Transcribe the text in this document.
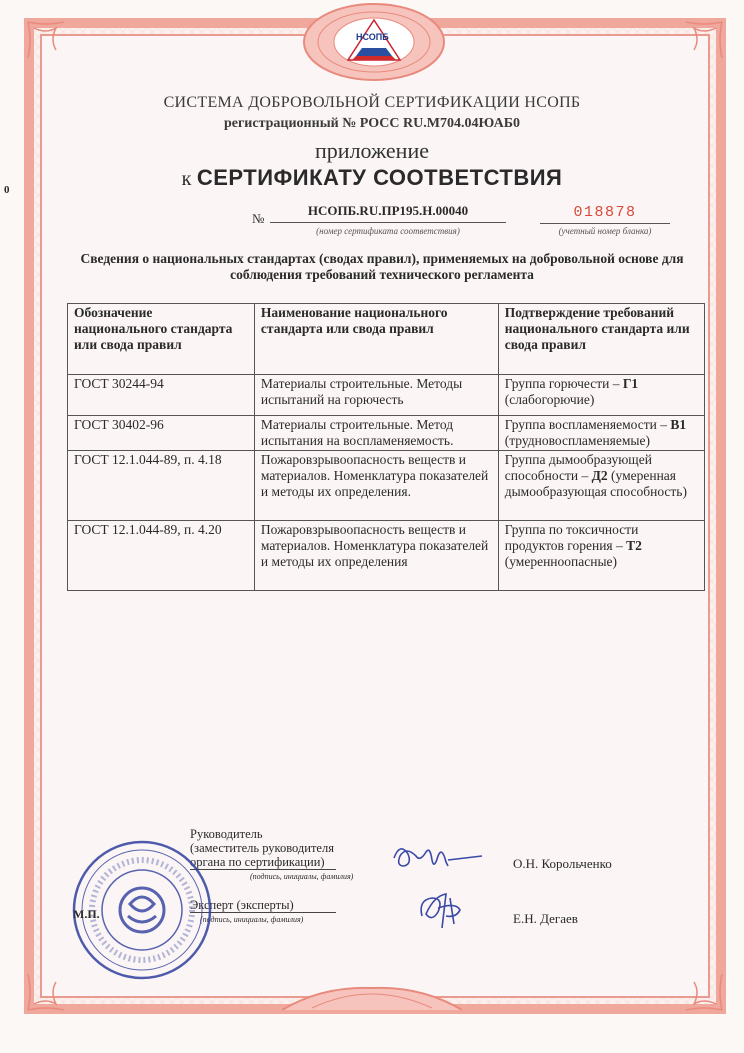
НСОПБ
0
СИСТЕМА ДОБРОВОЛЬНОЙ СЕРТИФИКАЦИИ НСОПБ
регистрационный № РОСС RU.М704.04ЮАБ0
приложение
к СЕРТИФИКАТУ СООТВЕТСТВИЯ
№
НСОПБ.RU.ПР195.Н.00040
(номер сертификата соответствия)
018878
(учетный номер бланка)
Сведения о национальных стандартах (сводах правил), применяемых на добровольной основе для соблюдения требований технического регламента
Обозначение национального стандарта или свода правил	Наименование национального стандарта или свода правил	Подтверждение требований национального стандарта или свода правил
ГОСТ 30244-94	Материалы строительные. Методы испытаний на горючесть	Группа горючести – Г1 (слабогорючие)
ГОСТ 30402-96	Материалы строительные. Метод испытания на воспламеняемость.	Группа воспламеняемости – В1 (трудновоспламеняемые)
ГОСТ 12.1.044-89, п. 4.18	Пожаровзрывоопасность веществ и материалов. Номенклатура показателей и методы их определения.	Группа дымообразующей способности – Д2 (умеренная дымообразующая способность)
ГОСТ 12.1.044-89, п. 4.20	Пожаровзрывоопасность веществ и материалов. Номенклатура показателей и методы их определения	Группа по токсичности продуктов горения – Т2 (умеренноопасные)
Руководитель
(заместитель руководителя
органа по сертификации)
(подпись, инициалы, фамилия)
Эксперт (эксперты)
(подпись, инициалы, фамилия)
О.Н. Корольченко
Е.Н. Дегаев
М.П.
